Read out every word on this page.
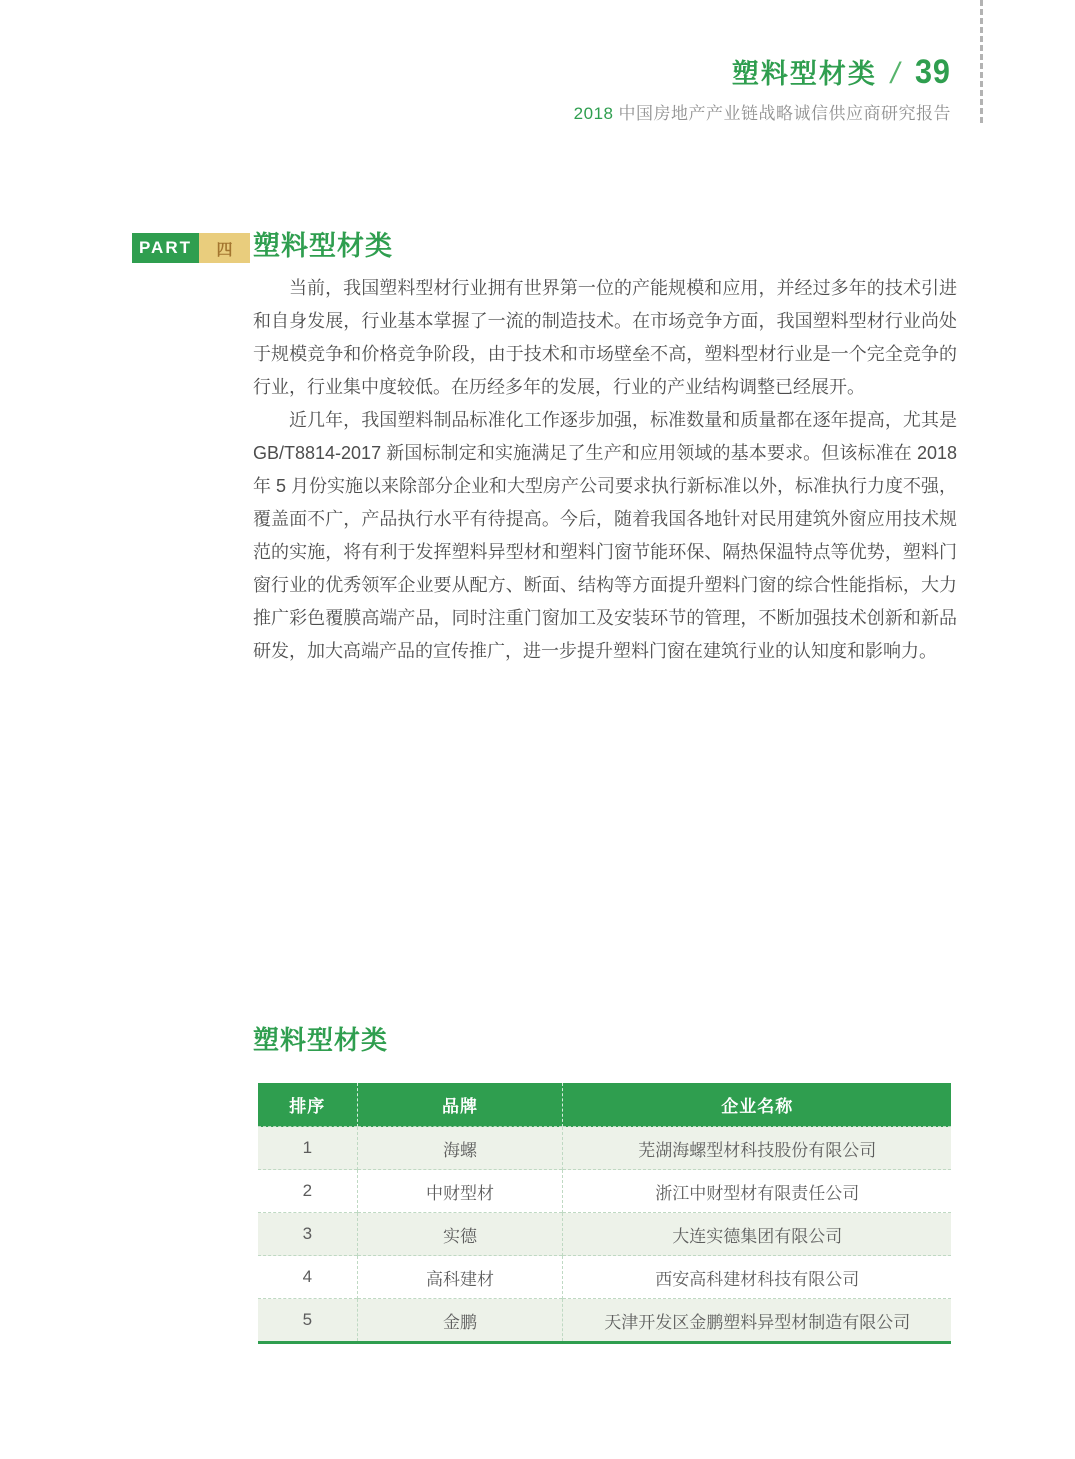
塑料型材类 / 39
2018 中国房地产产业链战略诚信供应商研究报告
PART	四 塑料型材类

当前，我国塑料型材行业拥有世界第一位的产能规模和应用，并经过多年的技术引进和自身发展，行业基本掌握了一流的制造技术。在市场竞争方面，我国塑料型材行业尚处于规模竞争和价格竞争阶段，由于技术和市场壁垒不高，塑料型材行业是一个完全竞争的行业，行业集中度较低。在历经多年的发展，行业的产业结构调整已经展开。

近几年，我国塑料制品标准化工作逐步加强，标准数量和质量都在逐年提高，尤其是 GB/T8814-2017 新国标制定和实施满足了生产和应用领域的基本要求。但该标准在 2018 年 5 月份实施以来除部分企业和大型房产公司要求执行新标准以外，标准执行力度不强，覆盖面不广，产品执行水平有待提高。今后，随着我国各地针对民用建筑外窗应用技术规范的实施，将有利于发挥塑料异型材和塑料门窗节能环保、隔热保温特点等优势，塑料门窗行业的优秀领军企业要从配方、断面、结构等方面提升塑料门窗的综合性能指标，大力推广彩色覆膜高端产品，同时注重门窗加工及安装环节的管理，不断加强技术创新和新品研发，加大高端产品的宣传推广，进一步提升塑料门窗在建筑行业的认知度和影响力。

塑料型材类
排序	品牌	企业名称
1	海螺	芜湖海螺型材科技股份有限公司
2	中财型材	浙江中财型材有限责任公司
3	实德	大连实德集团有限公司
4	高科建材	西安高科建材科技有限公司
5	金鹏	天津开发区金鹏塑料异型材制造有限公司
